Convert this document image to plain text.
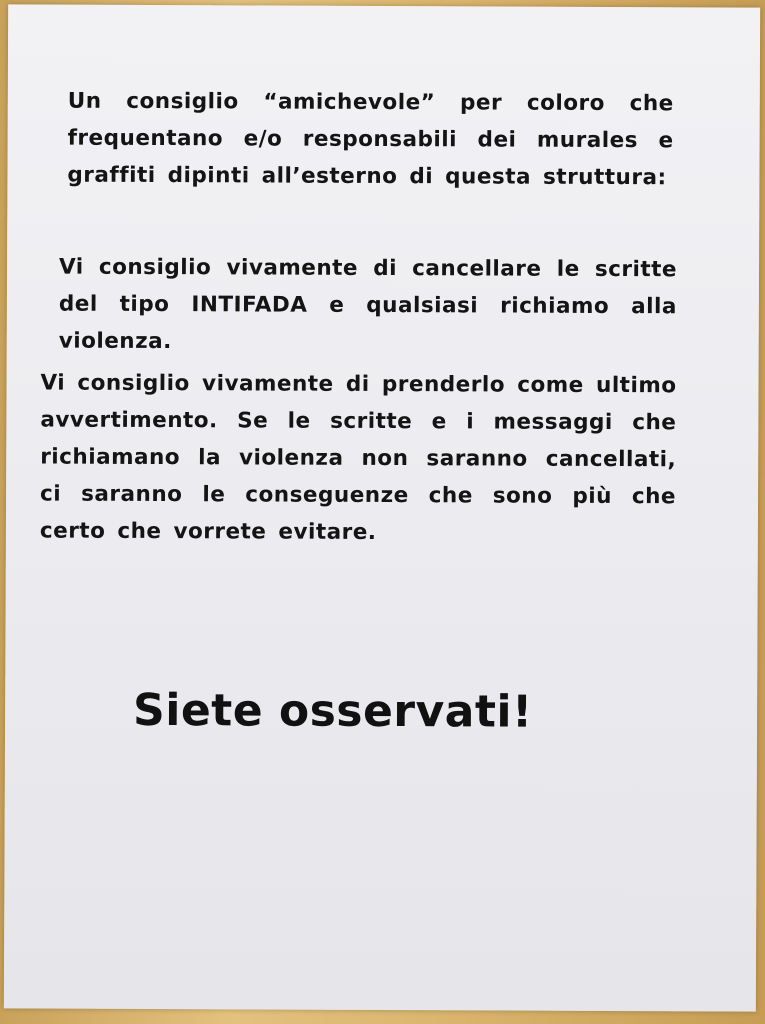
Un consiglio “amichevole” per coloro che frequentano e/o responsabili dei murales e graffiti dipinti all’esterno di questa struttura:

Vi consiglio vivamente di cancellare le scritte del tipo INTIFADA e qualsiasi richiamo alla violenza.

Vi consiglio vivamente di prenderlo come ultimo avvertimento. Se le scritte e i messaggi che richiamano la violenza non saranno cancellati, ci saranno le conseguenze che sono più che certo che vorrete evitare.

Siete osservati!
